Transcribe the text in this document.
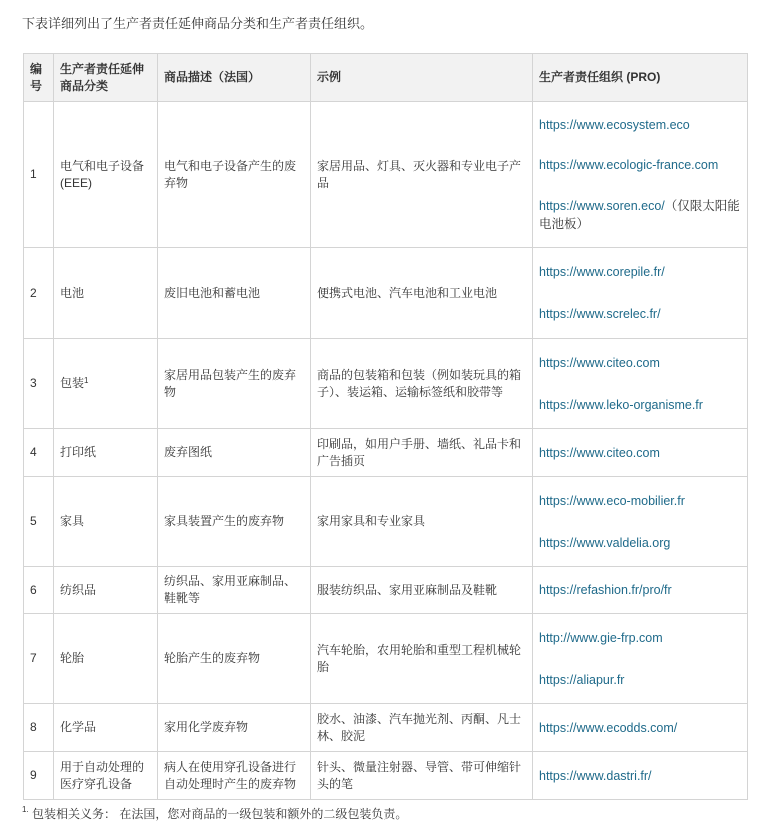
下表详细列出了生产者责任延伸商品分类和生产者责任组织。
编号	生产者责任延伸商品分类	商品描述（法国）	示例	生产者责任组织 (PRO)
1	电气和电子设备 (EEE)	电气和电子设备产生的废弃物	家居用品、灯具、灭火器和专业电子产品	https://www.ecosystem.eco
https://www.ecologic-france.com
https://www.soren.eco/（仅限太阳能电池板）

2	电池	废旧电池和蓄电池	便携式电池、汽车电池和工业电池	https://www.corepile.fr/
https://www.screlec.fr/

3	包装$^1$	家居用品包装产生的废弃物	商品的包装箱和包装（例如装玩具的箱子）、装运箱、运输标签纸和胶带等	https://www.citeo.com
https://www.leko-organisme.fr

4	打印纸	废弃图纸	印刷品，如用户手册、墙纸、礼品卡和广告插页	https://www.citeo.com

5	家具	家具装置产生的废弃物	家用家具和专业家具	https://www.eco-mobilier.fr
https://www.valdelia.org

6	纺织品	纺织品、家用亚麻制品、鞋靴等	服装纺织品、家用亚麻制品及鞋靴	https://refashion.fr/pro/fr

7	轮胎	轮胎产生的废弃物	汽车轮胎，农用轮胎和重型工程机械轮胎	http://www.gie-frp.com
https://aliapur.fr

8	化学品	家用化学废弃物	胶水、油漆、汽车抛光剂、丙酮、凡士林、胶泥	https://www.ecodds.com/

9	用于自动处理的医疗穿孔设备	病人在使用穿孔设备进行自动处理时产生的废弃物	针头、微量注射器、导管、带可伸缩针头的笔	https://www.dastri.fr/
$^{1.}$ 包装相关义务： 在法国，您对商品的一级包装和额外的二级包装负责。
